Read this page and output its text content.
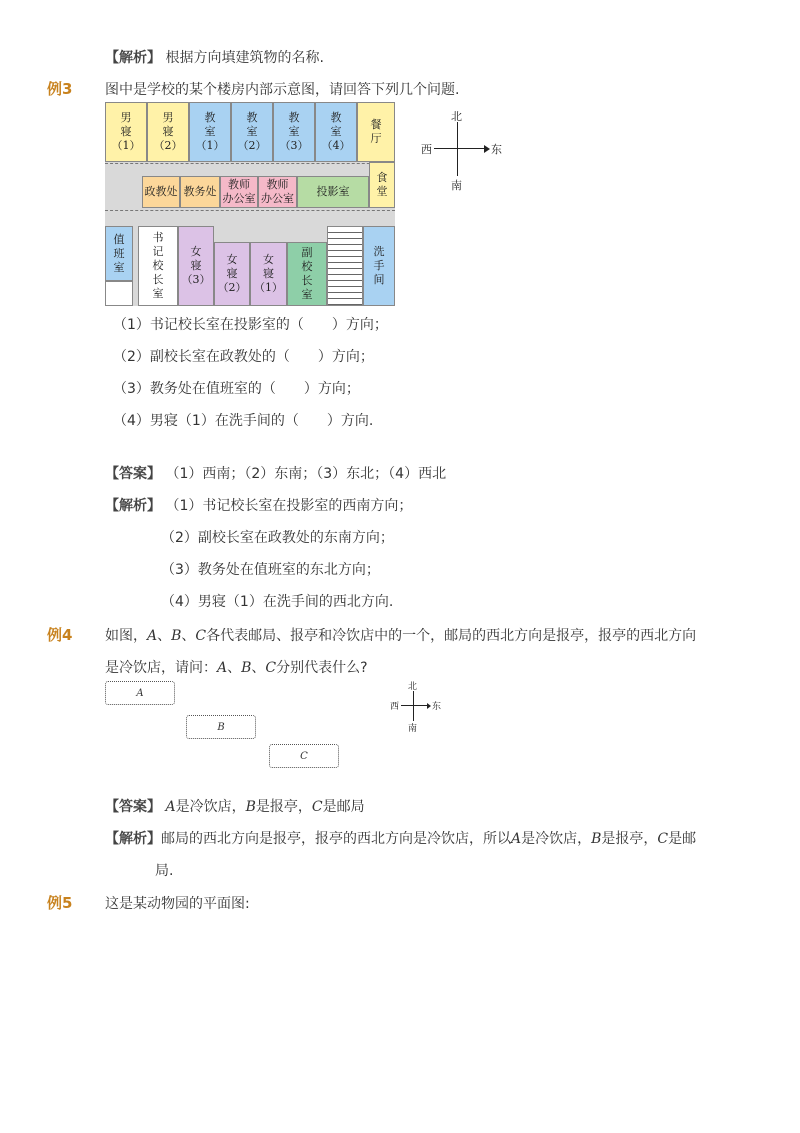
【解析】 根据方向填建筑物的名称.
例3 图中是学校的某个楼房内部示意图，请回答下列几个问题.
男
寝
（1）
男
寝
（2）
教
室
（1）
教
室
（2）
教
室
（3）
教
室
（4）
餐
厅
政教处 教务处
教师
办公室
教师
办公室
投影室
食
堂
值
班
室
书
记
校
长
室
女
寝
（3）
女
寝
（2）
女
寝
（1）
副
校
长
室
洗
手
间
北
南
西	东
（1）书记校长室在投影室的（　　）方向；
（2）副校长室在政教处的（　　）方向；
（3）教务处在值班室的（　　）方向；
（4）男寝（1）在洗手间的（　　）方向.
【答案】 （1）西南；（2）东南；（3）东北；（4）西北
【解析】 （1）书记校长室在投影室的西南方向；
（2）副校长室在政教处的东南方向；
（3）教务处在值班室的东北方向；
（4）男寝（1）在洗手间的西北方向.
例4 如图，A、B、C各代表邮局、报亭和冷饮店中的一个，邮局的西北方向是报亭，报亭的西北方向
是冷饮店，请问：A、B、C分别代表什么?
A
B
C
北
南
西	东
【答案】 A是冷饮店，B是报亭，C是邮局
【解析】邮局的西北方向是报亭，报亭的西北方向是冷饮店，所以A是冷饮店，B是报亭，C是邮
局.
例5 这是某动物园的平面图:
